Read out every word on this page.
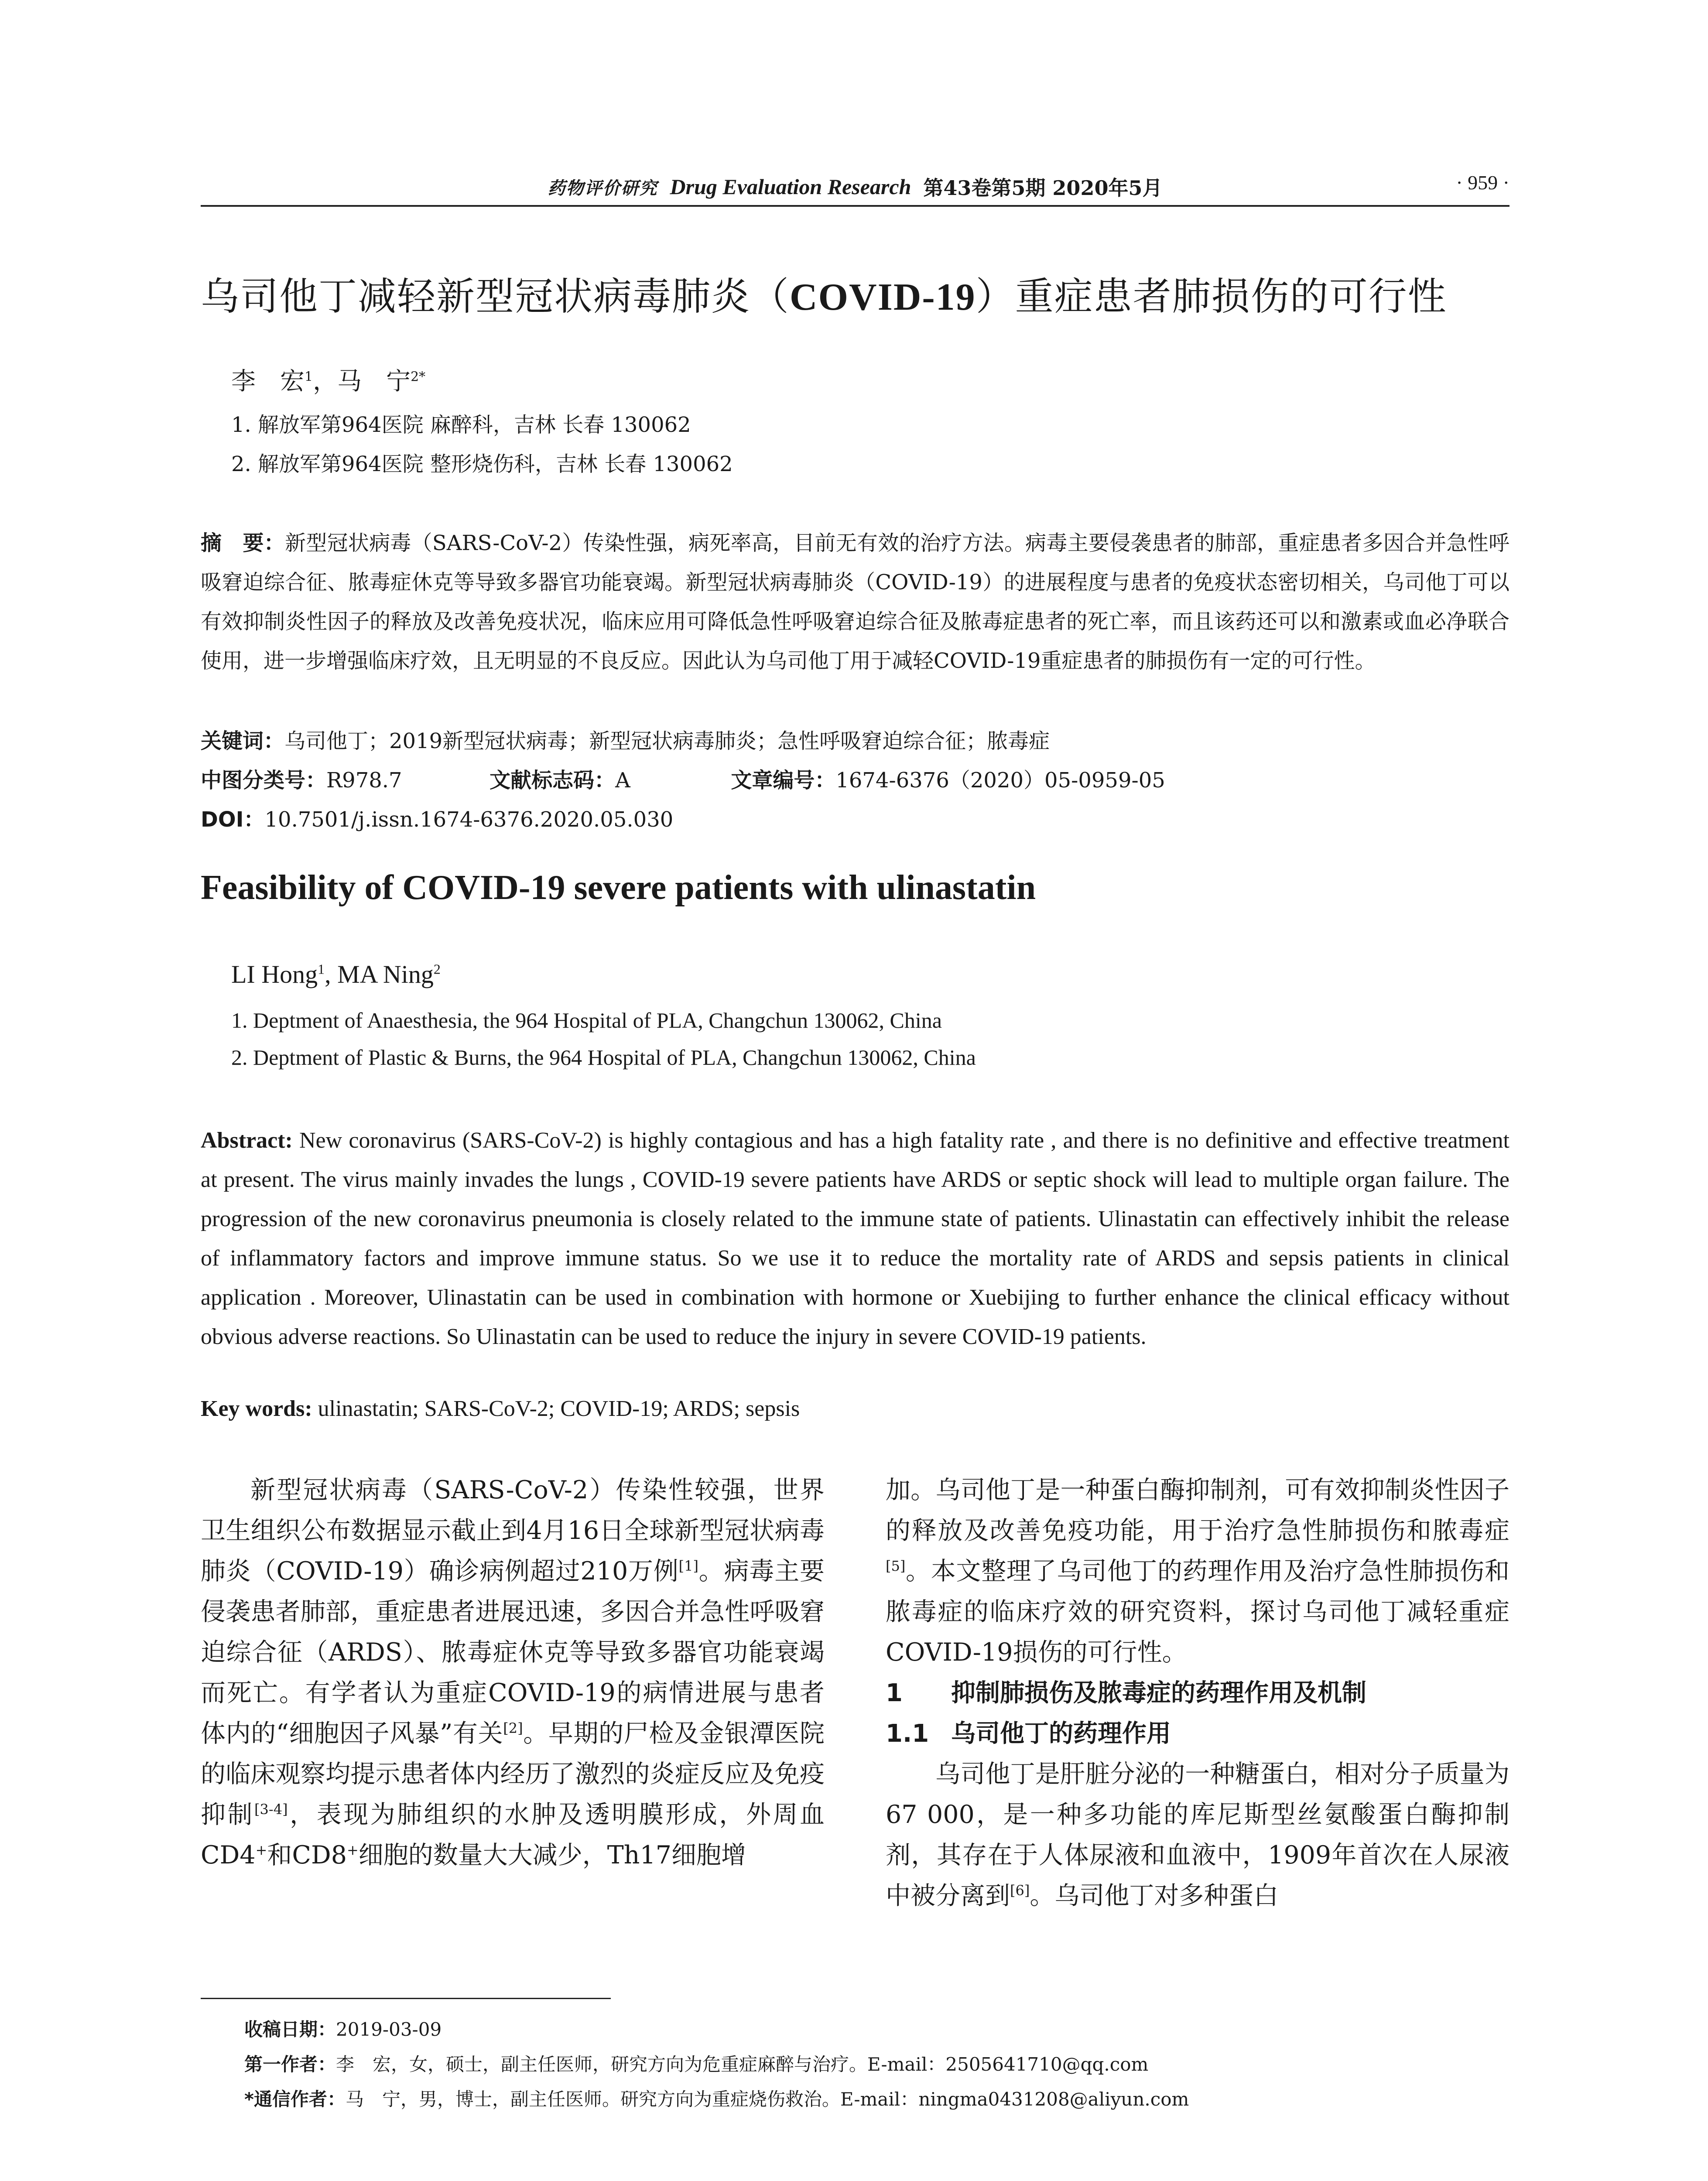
药物评价研究 Drug Evaluation Research 第43卷第5期 2020年5月	· 959 ·
乌司他丁减轻新型冠状病毒肺炎（COVID-19）重症患者肺损伤的可行性
李　宏$^1$，马　宁$^{2*}$
1. 解放军第964医院 麻醉科，吉林 长春 130062
2. 解放军第964医院 整形烧伤科，吉林 长春 130062
摘　要：新型冠状病毒（SARS-CoV-2）传染性强，病死率高，目前无有效的治疗方法。病毒主要侵袭患者的肺部，重症患者多因合并急性呼吸窘迫综合征、脓毒症休克等导致多器官功能衰竭。新型冠状病毒肺炎（COVID-19）的进展程度与患者的免疫状态密切相关，乌司他丁可以有效抑制炎性因子的释放及改善免疫状况，临床应用可降低急性呼吸窘迫综合征及脓毒症患者的死亡率，而且该药还可以和激素或血必净联合使用，进一步增强临床疗效，且无明显的不良反应。因此认为乌司他丁用于减轻COVID-19重症患者的肺损伤有一定的可行性。
关键词：乌司他丁；2019新型冠状病毒；新型冠状病毒肺炎；急性呼吸窘迫综合征；脓毒症
中图分类号：R978.7	文献标志码：A	文章编号：1674-6376（2020）05-0959-05
DOI：10.7501/j.issn.1674-6376.2020.05.030
Feasibility of COVID-19 severe patients with ulinastatin
LI Hong$^1$, MA Ning$^2$
1. Deptment of Anaesthesia, the 964 Hospital of PLA, Changchun 130062, China
2. Deptment of Plastic & Burns, the 964 Hospital of PLA, Changchun 130062, China
Abstract: New coronavirus (SARS-CoV-2) is highly contagious and has a high fatality rate , and there is no definitive and effective treatment at present. The virus mainly invades the lungs , COVID-19 severe patients have ARDS or septic shock will lead to multiple organ failure. The progression of the new coronavirus pneumonia is closely related to the immune state of patients. Ulinastatin can effectively inhibit the release of inflammatory factors and improve immune status. So we use it to reduce the mortality rate of ARDS and sepsis patients in clinical application . Moreover, Ulinastatin can be used in combination with hormone or Xuebijing to further enhance the clinical efficacy without obvious adverse reactions. So Ulinastatin can be used to reduce the injury in severe COVID-19 patients.
Key words: ulinastatin; SARS-CoV-2; COVID-19; ARDS; sepsis

新型冠状病毒（SARS-CoV-2）传染性较强，世界卫生组织公布数据显示截止到4月16日全球新型冠状病毒肺炎（COVID-19）确诊病例超过210万例[1]。病毒主要侵袭患者肺部，重症患者进展迅速，多因合并急性呼吸窘迫综合征（ARDS）、脓毒症休克等导致多器官功能衰竭而死亡。有学者认为重症COVID-19的病情进展与患者体内的“细胞因子风暴”有关[2]。早期的尸检及金银潭医院的临床观察均提示患者体内经历了激烈的炎症反应及免疫抑制[3-4]，表现为肺组织的水肿及透明膜形成，外周血CD4+和CD8+细胞的数量大大减少，Th17细胞增

加。乌司他丁是一种蛋白酶抑制剂，可有效抑制炎性因子的释放及改善免疫功能，用于治疗急性肺损伤和脓毒症[5]。本文整理了乌司他丁的药理作用及治疗急性肺损伤和脓毒症的临床疗效的研究资料，探讨乌司他丁减轻重症COVID-19损伤的可行性。

1 抑制肺损伤及脓毒症的药理作用及机制
1.1 乌司他丁的药理作用

乌司他丁是肝脏分泌的一种糖蛋白，相对分子质量为67 000，是一种多功能的库尼斯型丝氨酸蛋白酶抑制剂，其存在于人体尿液和血液中，1909年首次在人尿液中被分离到[6]。乌司他丁对多种蛋白

收稿日期：2019-03-09
第一作者：李　宏，女，硕士，副主任医师，研究方向为危重症麻醉与治疗。E-mail：2505641710@qq.com
*通信作者：马　宁，男，博士，副主任医师。研究方向为重症烧伤救治。E-mail：ningma0431208@aliyun.com
